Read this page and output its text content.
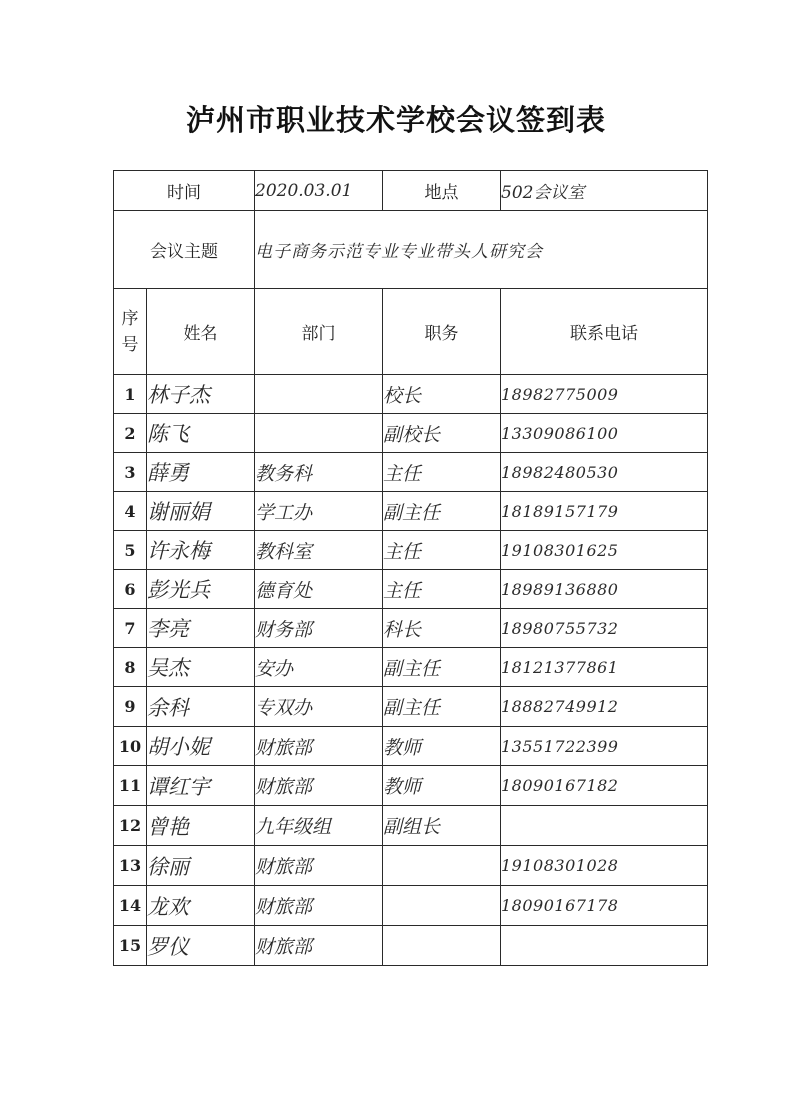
泸州市职业技术学校会议签到表
时间		2020.03.01	地点	502会议室
会议主题		电子商务示范专业专业带头人研究会		
序
号	姓名	部门	职务	联系电话
1	林子杰		校长	18982775009
2	陈飞		副校长	13309086100
3	薛勇	教务科	主任	18982480530
4	谢丽娟	学工办	副主任	18189157179
5	许永梅	教科室	主任	19108301625
6	彭光兵	德育处	主任	18989136880
7	李亮	财务部	科长	18980755732
8	吴杰	安办	副主任	18121377861
9	余科	专双办	副主任	18882749912
10	胡小妮	财旅部	教师	13551722399
11	谭红宇	财旅部	教师	18090167182
12	曾艳	九年级组	副组长	
13	徐丽	财旅部		19108301028
14	龙欢	财旅部		18090167178
15	罗仪	财旅部		
